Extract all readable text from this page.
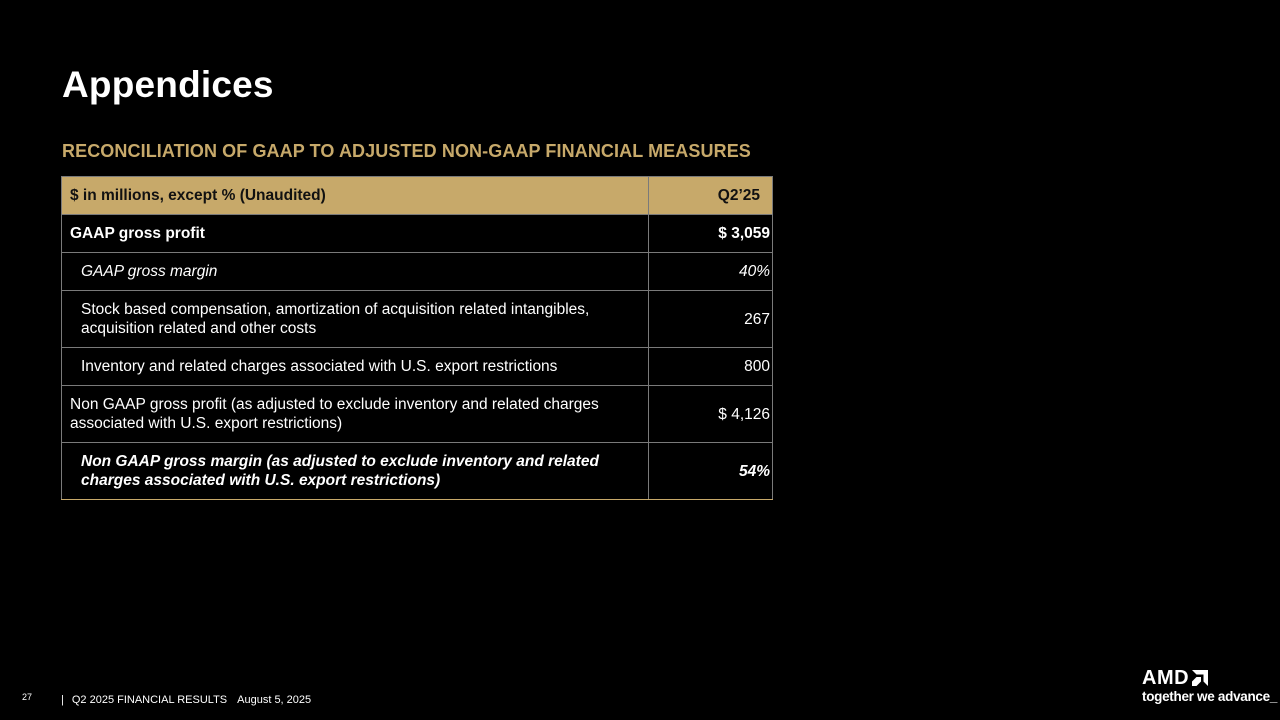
Appendices
RECONCILIATION OF GAAP TO ADJUSTED NON-GAAP FINANCIAL MEASURES
$ in millions, except % (Unaudited)	Q2’25
GAAP gross profit	$ 3,059
GAAP gross margin	40%
Stock based compensation, amortization of acquisition related intangibles,
acquisition related and other costs	267
Inventory and related charges associated with U.S. export restrictions	800
Non GAAP gross profit (as adjusted to exclude inventory and related charges
associated with U.S. export restrictions)	$ 4,126
Non GAAP gross margin (as adjusted to exclude inventory and related
charges associated with U.S. export restrictions)	54%
27	| Q2 2025 FINANCIAL RESULTS August 5, 2025
AMD
together we advance_
